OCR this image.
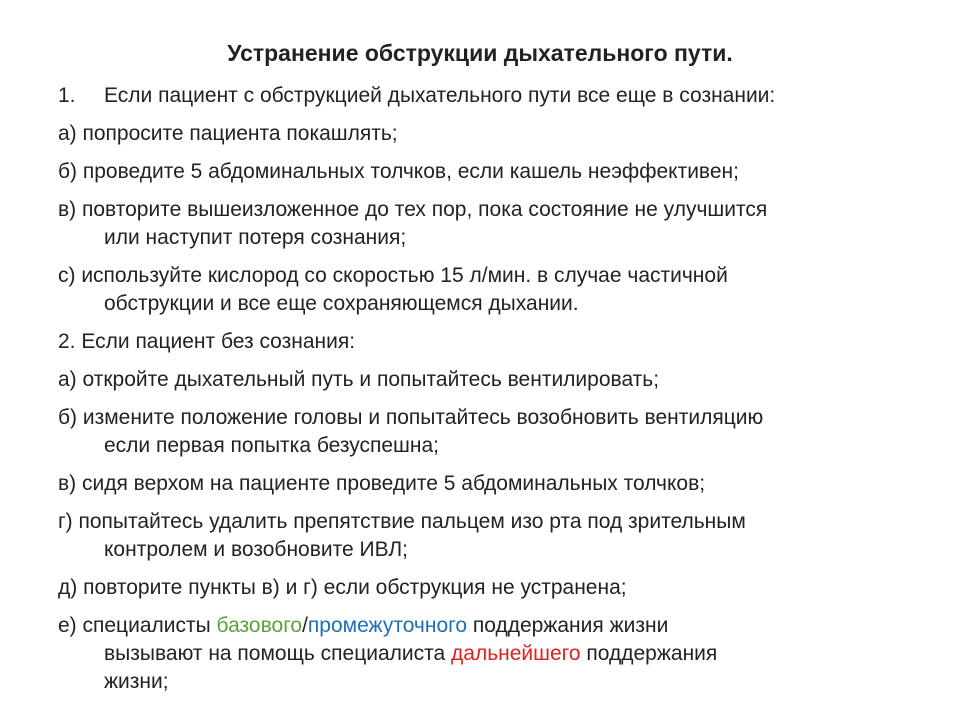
Устранение обструкции дыхательного пути.
1. Если пациент с обструкцией дыхательного пути все еще в сознании:
а) попросите пациента покашлять;
б) проведите 5 абдоминальных толчков, если кашель неэффективен;
в) повторите вышеизложенное до тех пор, пока состояние не улучшится
или наступит потеря сознания;
с) используйте кислород со скоростью 15 л/мин. в случае частичной
обструкции и все еще сохраняющемся дыхании.
2. Если пациент без сознания:
а) откройте дыхательный путь и попытайтесь вентилировать;
б) измените положение головы и попытайтесь возобновить вентиляцию
если первая попытка безуспешна;
в) сидя верхом на пациенте проведите 5 абдоминальных толчков;
г) попытайтесь удалить препятствие пальцем изо рта под зрительным
контролем и возобновите ИВЛ;
д) повторите пункты в) и г) если обструкция не устранена;
е) специалисты базового/промежуточного поддержания жизни
вызывают на помощь специалиста дальнейшего поддержания
жизни;
